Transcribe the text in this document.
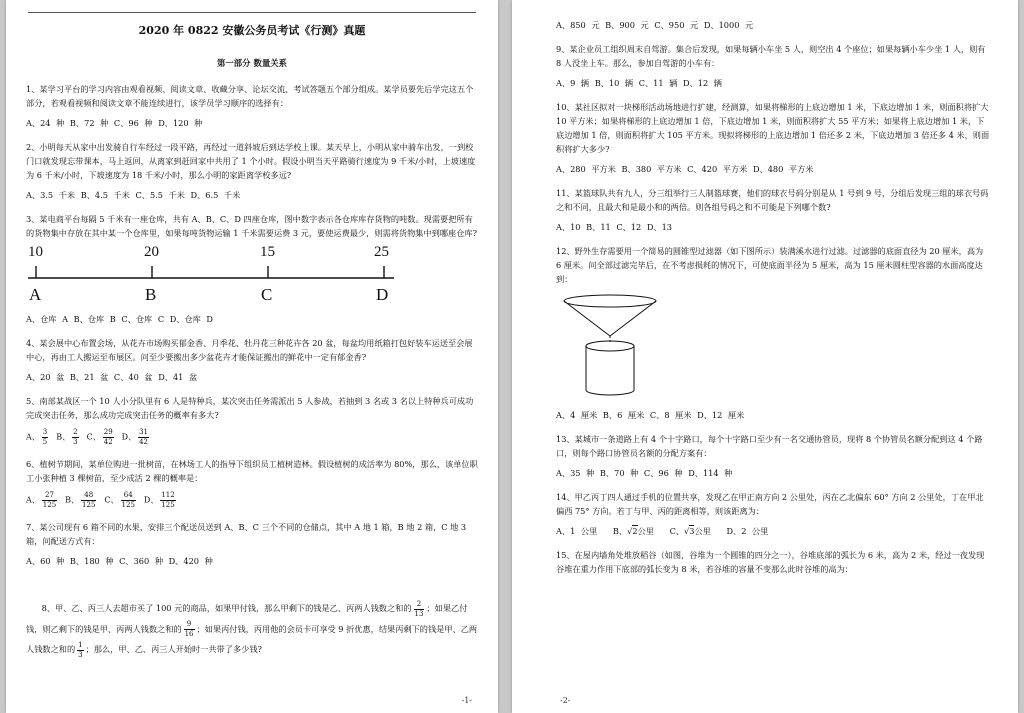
2020 年 0822 安徽公务员考试《行测》真题
第一部分 数量关系

1、某学习平台的学习内容由观看视频、阅读文章、收藏分享、论坛交流、考试答题五个部分组成。某学员要先后学完这五个部分，若观看视频和阅读文章不能连续进行，该学员学习顺序的选择有：

A、24 种 B、72 种 C、96 种 D、120 种

2、小明每天从家中出发骑自行车经过一段平路，再经过一道斜坡后到达学校上课。某天早上，小明从家中骑车出发，一到校门口就发现忘带课本，马上返回，从离家到赶回家中共用了 1 个小时。假设小明当天平路骑行速度为 9 千米/小时，上坡速度为 6 千米/小时，下坡速度为 18 千米/小时，那么小明的家距离学校多远?

A、3.5 千米 B、4.5 千米 C、5.5 千米 D、6.5 千米

3、某电商平台每隔 5 千米有一座仓库，共有 A、B、C、D 四座仓库，图中数字表示各仓库库存货物的吨数。现需要把所有的货物集中存放在其中某一个仓库里，如果每吨货物运输 1 千米需要运费 3 元，要使运费最少，则需将货物集中到哪座仓库?

10	20	15	25
A	B	C	D
A、仓库 A B、仓库 B C、仓库 C D、仓库 D

4、某会展中心布置会场，从花卉市场购买郁金香、月季花、牡丹花三种花卉各 20 盆，每盆均用纸箱打包好装车运送至会展中心，再由工人搬运至布展区。问至少要搬出多少盆花卉才能保证搬出的鲜花中一定有郁金香?

A、20 盆 B、21 盆 C、40 盆 D、41 盆

5、南部某战区一个 10 人小分队里有 6 人是特种兵，某次突击任务需派出 5 人参战，若抽到 3 名或 3 名以上特种兵可成功完成突击任务，那么成功完成突击任务的概率有多大?

A、 $\frac{3}{5}$ B、 $\frac{2}{3}$ C、 $\frac{29}{42}$ D、 $\frac{31}{42}$

6、植树节期间，某单位购进一批树苗，在林场工人的指导下组织员工植树造林。假设植树的成活率为 80%，那么，该单位职工小张种植 3 棵树苗，至少成活 2 棵的概率是：

A、 $\frac{27}{125}$ B、 $\frac{48}{125}$ C、 $\frac{64}{125}$ D、 $\frac{112}{125}$

7、某公司现有 6 箱不同的水果，安排三个配送员送到 A、B、C 三个不同的仓储点，其中 A 地 1 箱，B 地 2 箱，C 地 3 箱，问配送方式有：

A、60 种 B、180 种 C、360 种 D、420 种

8、甲、乙、丙三人去超市买了 100 元的商品，如果甲付钱，那么甲剩下的钱是乙、丙两人钱数之和的 $\frac{2}{13}$ ；如果乙付钱，则乙剩下的钱是甲、丙两人钱数之和的 $\frac{9}{16}$ ；如果丙付钱，丙用他的会员卡可享受 9 折优惠，结果丙剩下的钱是甲、乙两人钱数之和的 $\frac{1}{3}$ ；那么，甲、乙、丙三人开始时一共带了多少钱?

-1-
A、850 元 B、900 元 C、950 元 D、1000 元

9、某企业员工组织周末自驾游。集合后发现，如果每辆小车坐 5 人，则空出 4 个座位；如果每辆小车少坐 1 人，则有 8 人没坐上车。那么，参加自驾游的小车有：

A、9 辆 B、10 辆 C、11 辆 D、12 辆

10、某社区拟对一块梯形活动场地进行扩建，经测算，如果将梯形的上底边增加 1 米，下底边增加 1 米，则面积将扩大 10 平方米；如果将梯形的上底边增加 1 倍，下底边增加 1 米，则面积将扩大 55 平方米；如果将上底边增加 1 米，下底边增加 1 倍，则面积将扩大 105 平方米。现拟将梯形的上底边增加 1 倍还多 2 米，下底边增加 3 倍还多 4 米，则面积将扩大多少?

A、280 平方米 B、380 平方米 C、420 平方米 D、480 平方米

11、某篮球队共有九人，分三组举行三人制篮球赛，他们的球衣号码分别是从 1 号到 9 号，分组后发现三组的球衣号码之和不同，且最大和是最小和的两倍。则各组号码之和不可能是下列哪个数?

A、10 B、11 C、12 D、13

12、野外生存需要用一个简易的圆锥型过滤器（如下图所示）装满溪水进行过滤。过滤器的底面直径为 20 厘米，高为 6 厘米。问全部过滤完毕后，在不考虑损耗的情况下，可使底面半径为 5 厘米，高为 15 厘米圆柱型容器的水面高度达到：

A、4 厘米 B、6 厘米 C、8 厘米 D、12 厘米

13、某城市一条道路上有 4 个十字路口，每个十字路口至少有一名交通协管员，现将 8 个协管员名额分配到这 4 个路口，则每个路口协管员名额的分配方案有：

A、35 种 B、70 种 C、96 种 D、114 种

14、甲乙丙丁四人通过手机的位置共享，发现乙在甲正南方向 2 公里处，丙在乙北偏东 60° 方向 2 公里处，丁在甲北偏西 75° 方向。若丁与甲、丙的距离相等，则该距离为：

A、1 公里 B、√2公里 C、√3公里 D、2 公里

15、在屋内墙角处堆放稻谷（如图，谷堆为一个圆锥的四分之一），谷堆底部的弧长为 6 米，高为 2 米，经过一夜发现谷堆在重力作用下底部的弧长变为 8 米，若谷堆的容量不变那么此时谷堆的高为：

-2-
